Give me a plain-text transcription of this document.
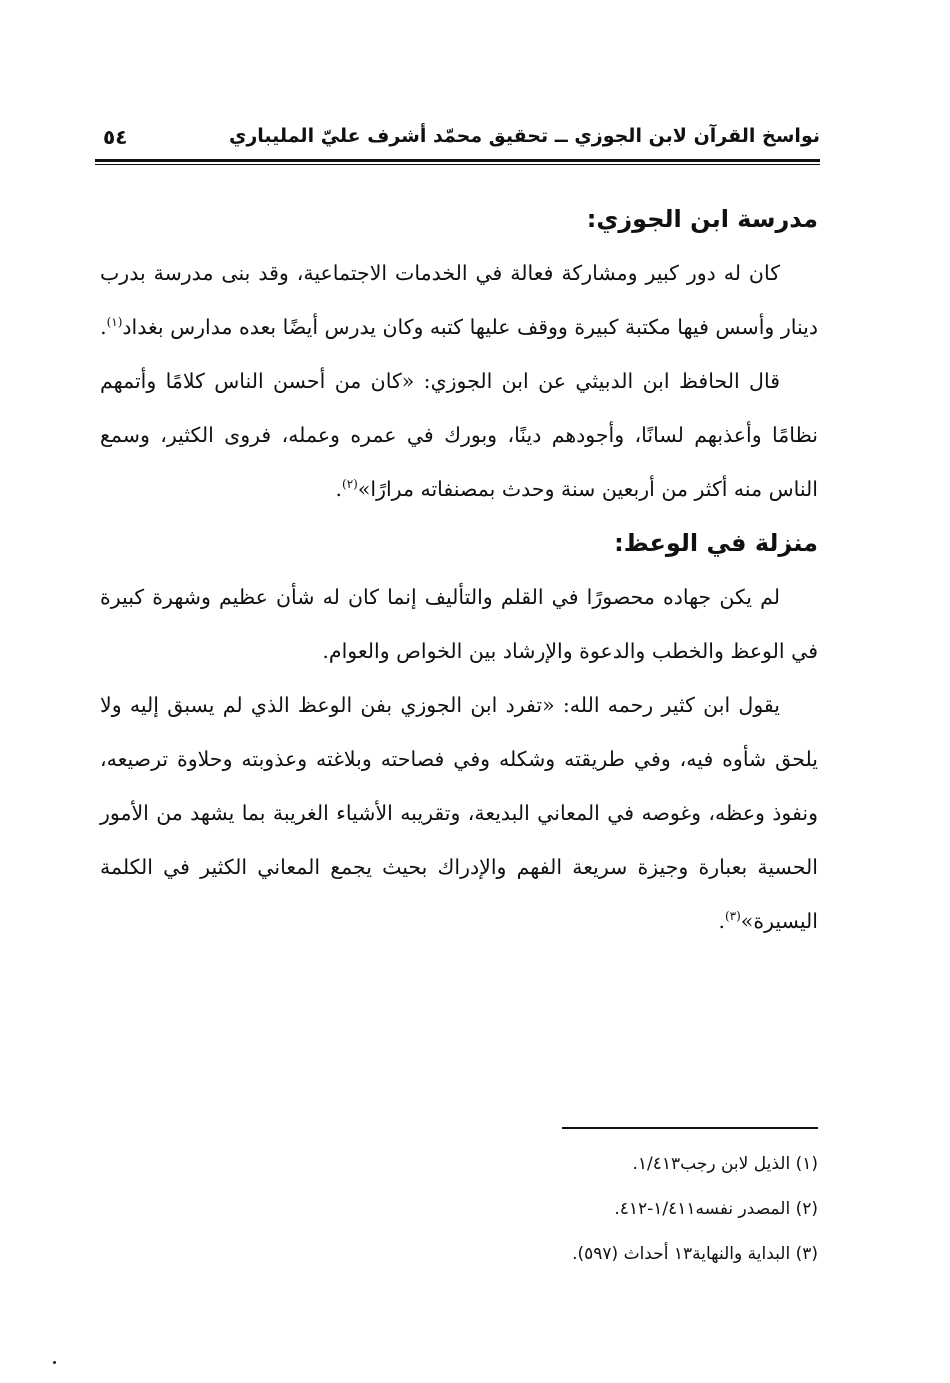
نواسخ القرآن لابن الجوزي ــ تحقيق محمّد أشرف عليّ المليباري
٥٤
مدرسة ابن الجوزي:

كان له دور كبير ومشاركة فعالة في الخدمات الاجتماعية، وقد بنى مدرسة بدرب دينار وأسس فيها مكتبة كبيرة ووقف عليها كتبه وكان يدرس أيضًا بعده مدارس بغداد$^{(١)}$.

قال الحافظ ابن الدبيثي عن ابن الجوزي: «كان من أحسن الناس كلامًا وأتمهم نظامًا وأعذبهم لسانًا، وأجودهم دينًا، وبورك في عمره وعمله، فروى الكثير، وسمع الناس منه أكثر من أربعين سنة وحدث بمصنفاته مرارًا»$^{(٢)}$.

منزلة في الوعظ:

لم يكن جهاده محصورًا في القلم والتأليف إنما كان له شأن عظيم وشهرة كبيرة في الوعظ والخطب والدعوة والإرشاد بين الخواص والعوام.

يقول ابن كثير رحمه الله: «تفرد ابن الجوزي بفن الوعظ الذي لم يسبق إليه ولا يلحق شأوه فيه، وفي طريقته وشكله وفي فصاحته وبلاغته وعذوبته وحلاوة ترصيعه، ونفوذ وعظه، وغوصه في المعاني البديعة، وتقريبه الأشياء الغريبة بما يشهد من الأمور الحسية بعبارة وجيزة سريعة الفهم والإدراك بحيث يجمع المعاني الكثير في الكلمة اليسيرة»$^{(٣)}$.

(١) الذيل لابن رجب١/٤١٣.
(٢) المصدر نفسه١/٤١١-٤١٢.
(٣) البداية والنهاية١٣ أحداث (٥٩٧).
